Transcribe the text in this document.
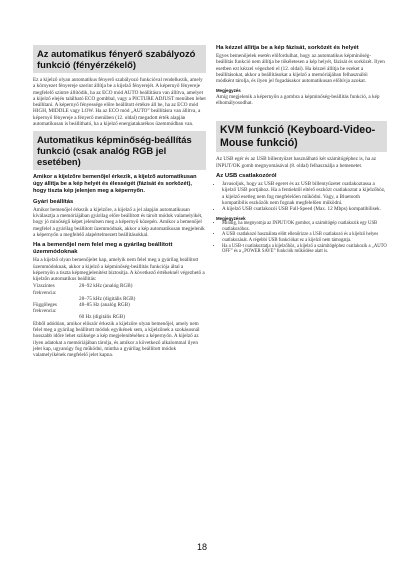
Az automatikus fényerő szabályozó funkció (fényérzékelő)

Ez a kijelző olyan automatikus fényerő szabályozó funkcióval rendelkezik, amely a környezet fényereje szerint állítja be a kijelző fényerejét. A képernyő fényereje megfelelő szintre állítódik, ha az ECO mód AUTO beállításra van állítva, amelyet a kijelző elején található ECO gombbal, vagy a PICTURE ADJUST menüben lehet beállítani. A képernyő fényessége előre beállított értékre áll be, ha az ECO mód HIGH, MIDDLE vagy LOW. Ha az ECO mód „AUTO” beállításra van állítva, a képernyő fényereje a fényerő menüben (12. oldal) megadott érték alapján automatikusan is beállítható, ha a kijelző energiatakarékos üzemmódban van.

Automatikus képminőség-beállítás funkció (csak analóg RGB jel esetében)

Amikor a kijelzőre bemenőjel érkezik, a kijelző automatikusan úgy állítja be a kép helyét és élességét (fázisát és sorközét), hogy tiszta kép jelenjen meg a képernyőn.

Gyári beállítás

Amikor bemenőjel érkezik a kijelzőre, a kijelző a jel alapján automatikusan kiválasztja a memóriájában gyárilag előre beállított és tárolt módok valamelyikét, hogy jó minőségű képet jelenítsen meg a képernyő közepén. Amikor a bemenőjel megfelel a gyárilag beállított üzemmódnak, akkor a kép automatikusan megjelenik a képernyőn a megfelelő alapértelmezett beállításokkal.

Ha a bemenőjel nem felel meg a gyárilag beállított üzemmódoknak

Ha a kijelző olyan bemenőjelet kap, amelyik nem felel meg a gyárilag beállított üzemmódoknak, akkor a kijelző a képminőség-beállítás funkciója által a képernyőn a tiszta képmegjelenítést biztosítja. A következő értékeknél végezhető a kijelzőn automatikus beállítás:

Vízszintes frekvencia:
28–92 kHz (analóg RGB)
28–75 kHz (digitális RGB)
Függőleges frekvencia:
48–85 Hz (analóg RGB)
60 Hz (digitális RGB)

Ebből adódóan, amikor először érkezik a kijelzőre olyan bemenőjel, amely nem felel meg a gyárilag beállított módok egyikének sem, a kijelzőnek a szokásosnál hosszabb időre lehet szüksége a kép megjelenítéséhez a képernyőn. A kijelző az ilyen adatokat a memóriájában tárolja, és amikor a következő alkalommal ilyen jelet kap, ugyanúgy fog működni, mintha a gyárilag beállított módok valamelyikének megfelelő jelet kapna.

Ha kézzel állítja be a kép fázisát, sorközét és helyét

Egyes bemenőjelek esetén előfordulhat, hogy az automatikus képminőség-beállítás funkció nem állítja be tökéletesen a kép helyét, fázisát és sorközét. Ilyen esetben ezt kézzel végezheti el (12. oldal). Ha kézzel állítja be ezeket a beállításokat, akkor a beállításokat a kijelző a memóriájában felhasználói módként tárolja, és ilyen jel fogadásakor automatikusan előhívja azokat.

Megjegyzés

Amíg megjelenik a képernyőn a gombra a képminőség-beállítás funkció, a kép elhomályosodhat.

KVM funkció (Keyboard-Video-Mouse funkció)

Az USB egér és az USB billentyűzet használható két számítógéphez is, ha az INPUT/OK gomb megnyomásával (8. oldal) felhasználja a bemenetet.

Az USB csatlakozóról

• Javasoljuk, hogy az USB egeret és az USB billentyűzetet csatlakoztassa a kijelző USB portjához. Ha a fentiektől eltérő eszközt csatlakoztat a kijelzőhöz, a kijelző esetleg nem fog megfelelően működni. Vagy, a Bluetooth kompatibilis eszközök nem fognak megfelelően működni.
• A kijelző USB csatlakozói USB Full-Speed (Max. 12 Mbps) kompatibilisek.

Megjegyzések

• Mindig, ha megnyomja az INPUT/OK gombot, a számítógép csatlakozik egy USB csatlakozóhoz.
• A USB csatlakozó használata előtt ellenőrizze a USB csatlakozó és a kijelző helyes csatlakozását. A régebbi USB funkciókat ez a kijelző nem támogatja.
• Ha a USB-t csatlakoztatja a kijelzőhöz, a kijelző a számítógéphez csatlakozik a „AUTO OFF” és a „POWER SAVE” funkciók működése alatt is.
18
